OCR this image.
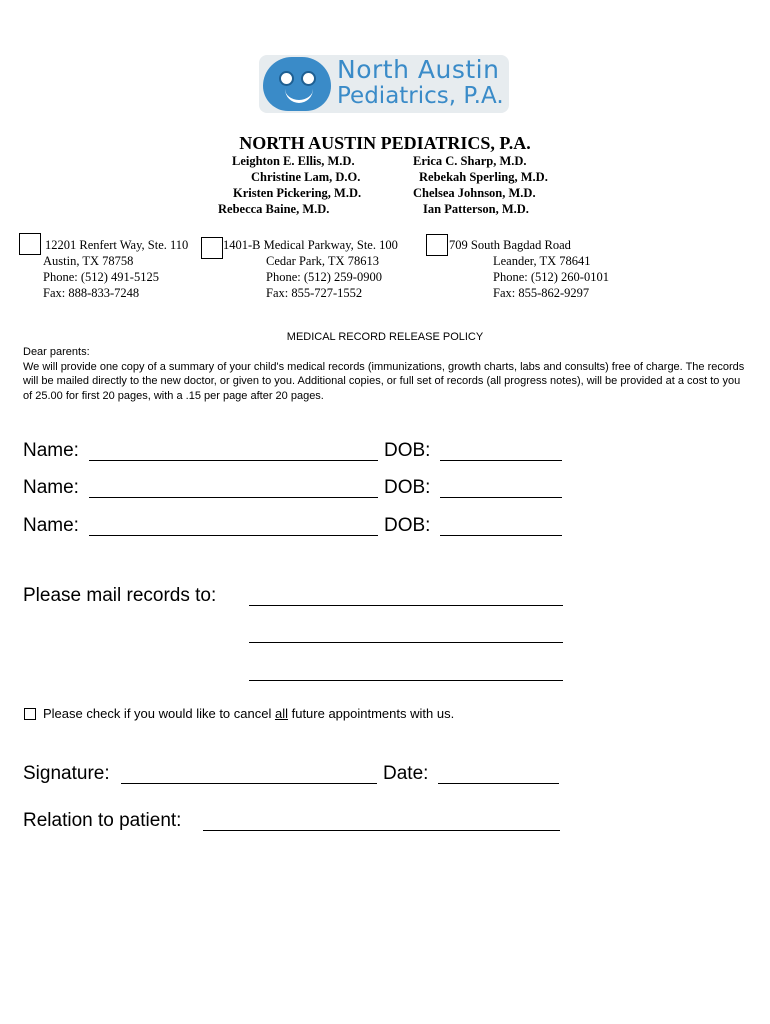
North Austin
Pediatrics, P.A.
NORTH AUSTIN PEDIATRICS, P.A.
Leighton E. Ellis, M.D.
Christine Lam, D.O.
Kristen Pickering, M.D.
Rebecca Baine, M.D.
Erica C. Sharp, M.D.
Rebekah Sperling, M.D.
Chelsea Johnson, M.D.
Ian Patterson, M.D.
12201 Renfert Way, Ste. 110
Austin, TX 78758
Phone: (512) 491-5125
Fax: 888-833-7248
1401-B Medical Parkway, Ste. 100
Cedar Park, TX 78613
Phone: (512) 259-0900
Fax: 855-727-1552
709 South Bagdad Road
Leander, TX 78641
Phone: (512) 260-0101
Fax: 855-862-9297
MEDICAL RECORD RELEASE POLICY
Dear parents:
We will provide one copy of a summary of your child's medical records (immunizations, growth charts, labs and consults) free of charge. The records will be mailed directly to the new doctor, or given to you. Additional copies, or full set of records (all progress notes), will be provided at a cost to you of 25.00 for first 20 pages, with a .15 per page after 20 pages.
Name:	DOB:
Name:	DOB:
Name:	DOB:
Please mail records to:
Please check if you would like to cancel all future appointments with us.
Signature:	Date:
Relation to patient:
